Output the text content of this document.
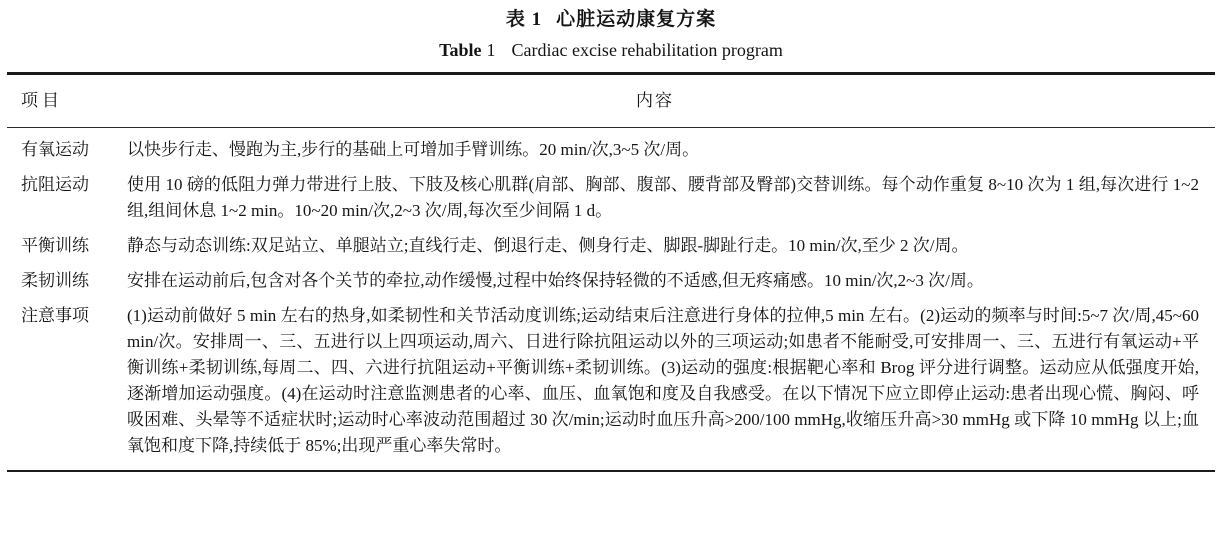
表 1 心脏运动康复方案
Table 1 Cardiac excise rehabilitation program
项目	内容
有氧运动	以快步行走、慢跑为主,步行的基础上可增加手臂训练。20 min/次,3~5 次/周。
抗阻运动	使用 10 磅的低阻力弹力带进行上肢、下肢及核心肌群(肩部、胸部、腹部、腰背部及臀部)交替训练。每个动作重复 8~10 次为 1 组,每次进行 1~2 组,组间休息 1~2 min。10~20 min/次,2~3 次/周,每次至少间隔 1 d。
平衡训练	静态与动态训练:双足站立、单腿站立;直线行走、倒退行走、侧身行走、脚跟-脚趾行走。10 min/次,至少 2 次/周。
柔韧训练	安排在运动前后,包含对各个关节的牵拉,动作缓慢,过程中始终保持轻微的不适感,但无疼痛感。10 min/次,2~3 次/周。
注意事项	(1)运动前做好 5 min 左右的热身,如柔韧性和关节活动度训练;运动结束后注意进行身体的拉伸,5 min 左右。(2)运动的频率与时间:5~7 次/周,45~60 min/次。安排周一、三、五进行以上四项运动,周六、日进行除抗阻运动以外的三项运动;如患者不能耐受,可安排周一、三、五进行有氧运动+平衡训练+柔韧训练,每周二、四、六进行抗阻运动+平衡训练+柔韧训练。(3)运动的强度:根据靶心率和 Brog 评分进行调整。运动应从低强度开始,逐渐增加运动强度。(4)在运动时注意监测患者的心率、血压、血氧饱和度及自我感受。在以下情况下应立即停止运动:患者出现心慌、胸闷、呼吸困难、头晕等不适症状时;运动时心率波动范围超过 30 次/min;运动时血压升高>200/100 mmHg,收缩压升高>30 mmHg 或下降 10 mmHg 以上;血氧饱和度下降,持续低于 85%;出现严重心率失常时。
